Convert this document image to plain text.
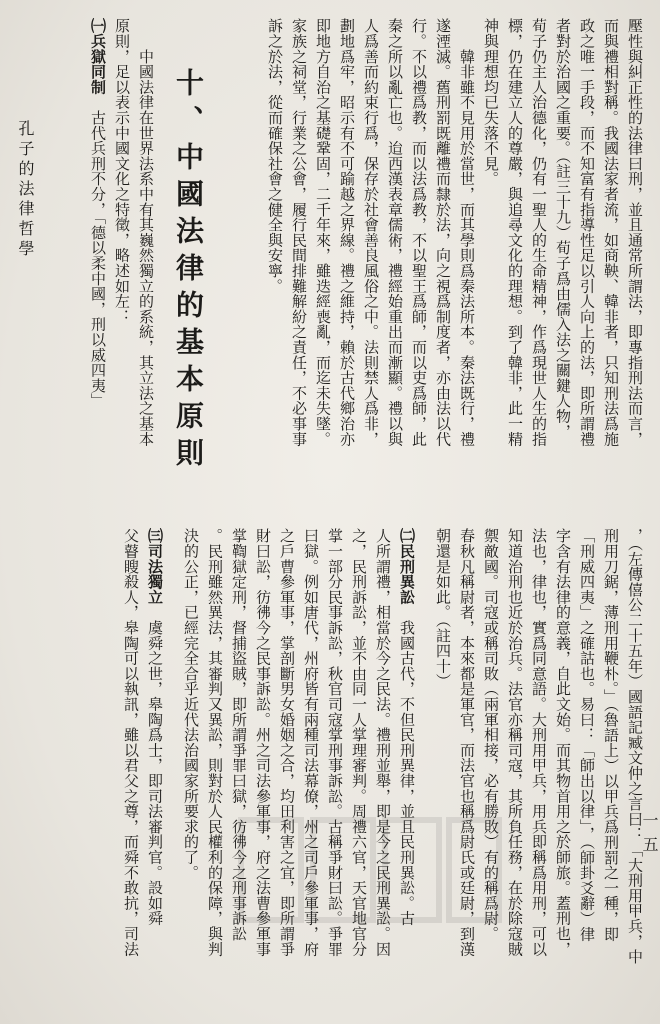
孔子的法律哲學
一五
壓性與糾正性的法律曰刑，並且通常所謂法，即專指刑法而言，
而與禮相對稱。我國法家者流，如商鞅、韓非者，只知刑法爲施
政之唯一手段，而不知富有指導性足以引人向上的法，即所謂禮
者對於治國之重要。（註三十九）荀子爲由儒入法之關鍵人物，
荀子仍主人治德化，仍有一聖人的生命精神，作爲現世人生的指
標，仍在建立人的尊嚴，與追尋文化的理想。到了韓非，此一精
神與理想均已失落不見。
　　韓非雖不見用於當世，而其學則爲秦法所本。秦法既行，禮
遂湮滅。舊刑罰既離禮而隸於法，向之視爲制度者，亦由法以代
行。不以禮爲教，而以法爲教，不以聖王爲師，而以吏爲師，此
秦之所以亂亡也。迨西漢表章儒術，禮經始重出而漸顯。禮以與
人爲善而約束行爲，保存於社會善良風俗之中。法則禁人爲非，
劃地爲牢，昭示有不可踰越之界線。禮之維持，賴於古代鄉治亦
即地方自治之基礎鞏固，二千年來，雖迭經喪亂，而迄未失墜。
家族之祠堂，行業之公會，履行民間排難解紛之責任，不必事事
訴之於法，從而確保社會之健全與安寧。
十、中國法律的基本原則
　　中國法律在世界法系中有其巍然獨立的系統，其立法之基本
原則，足以表示中國文化之特徵，略述如左：
㈠兵獄同制　古代兵刑不分，「德以柔中國，刑以威四夷」
，（左傳僖公二十五年）國語記臧文仲之言曰：「大刑用甲兵，中
刑用刀鋸，薄刑用鞭朴。」（魯語上）以甲兵爲刑罰之一種，即
「刑威四夷」之確詁也。易曰：「師出以律」，（師卦爻辭）律
字含有法律的意義，自此文始。而其物首用之於師旅。蓋刑也，
法也，律也，實爲同意語。大刑用甲兵，用兵即稱爲用刑，可以
知道治刑也近於治兵。法官亦稱司寇，其所負任務，在於除寇賊
禦敵國。司寇或稱司敗（兩軍相接，必有勝敗）有的稱爲尉。
春秋凡稱尉者，本來都是軍官，而法官也稱爲尉氏或廷尉，到漢
朝還是如此。（註四十）
㈡民刑異訟　我國古代，不但民刑異律，並且民刑異訟。古
人所謂禮，相當於今之民法。禮刑並舉，即是今之民刑異訟。因
之，民刑訴訟，並不由同一人掌理審判。周禮六官，天官地官分
掌一部分民事訴訟，秋官司寇掌刑事訴訟。古稱爭財曰訟。爭罪
曰獄。例如唐代，州府皆有兩種司法幕僚，州之司戶參軍事，府
之戶曹參軍事，掌剖斷男女婚姻之合，均田利害之宜，即所謂爭
財曰訟，彷彿今之民事訴訟。州之司法參軍事，府之法曹參軍事
掌鞫獄定刑，督捕盜賊，即所謂爭罪曰獄，彷彿今之刑事訴訟
。民刑雖然異法，其審判又異訟，則對於人民權利的保障，與判
決的公正，已經完全合乎近代法治國家所要求的了。
㈢司法獨立　虞舜之世，皋陶爲士，即司法審判官。設如舜
父瞽瞍殺人，皋陶可以執訊，雖以君父之尊，而舜不敢抗，司法
